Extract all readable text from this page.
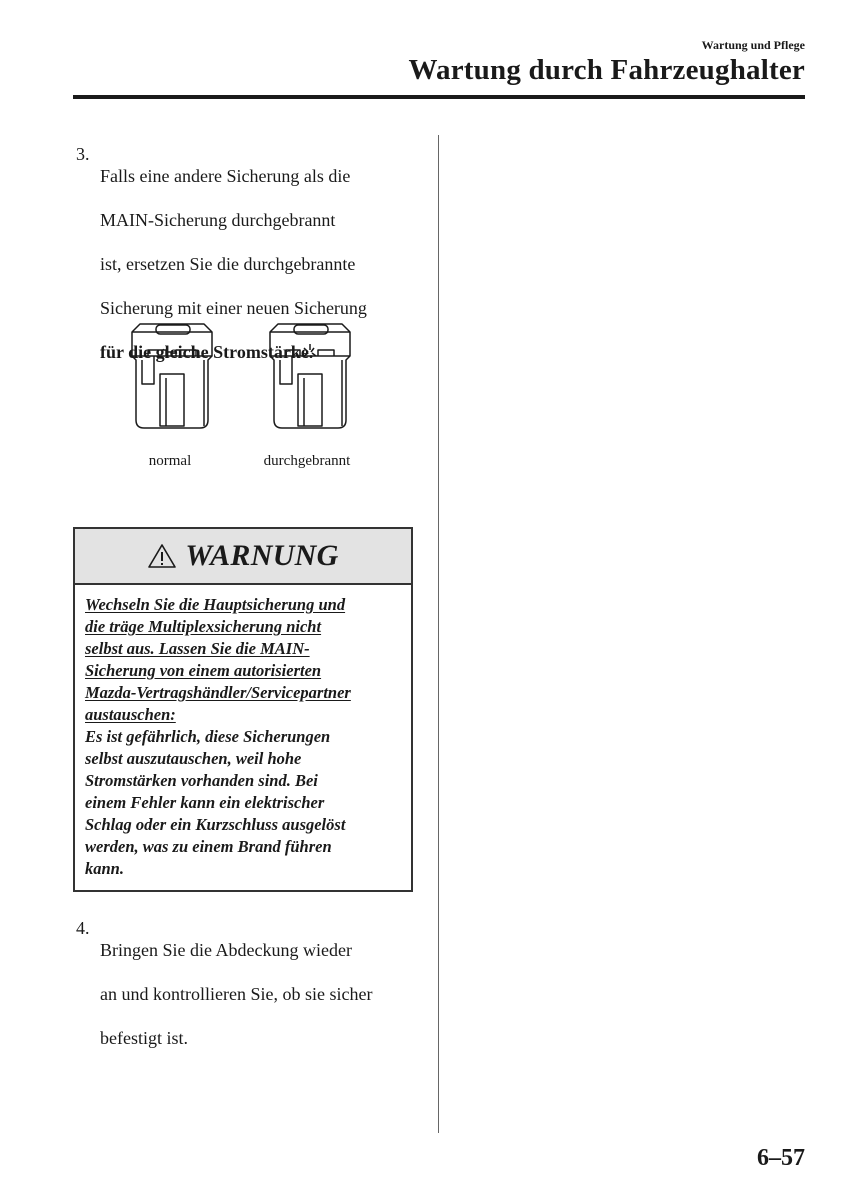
Wartung und Pflege
Wartung durch Fahrzeughalter
3.

Falls eine andere Sicherung als die

MAIN-Sicherung durchgebrannt

ist, ersetzen Sie die durchgebrannte

Sicherung mit einer neuen Sicherung

für die gleiche Stromstärke.

normal	durchgebrannt
WARNUNG
Wechseln Sie die Hauptsicherung und
die träge Multiplexsicherung nicht
selbst aus. Lassen Sie die MAIN-
Sicherung von einem autorisierten
Mazda-Vertragshändler/Servicepartner
austauschen:
Es ist gefährlich, diese Sicherungen
selbst auszutauschen, weil hohe
Stromstärken vorhanden sind. Bei
einem Fehler kann ein elektrischer
Schlag oder ein Kurzschluss ausgelöst
werden, was zu einem Brand führen
kann.
4.

Bringen Sie die Abdeckung wieder

an und kontrollieren Sie, ob sie sicher

befestigt ist.

6–57
